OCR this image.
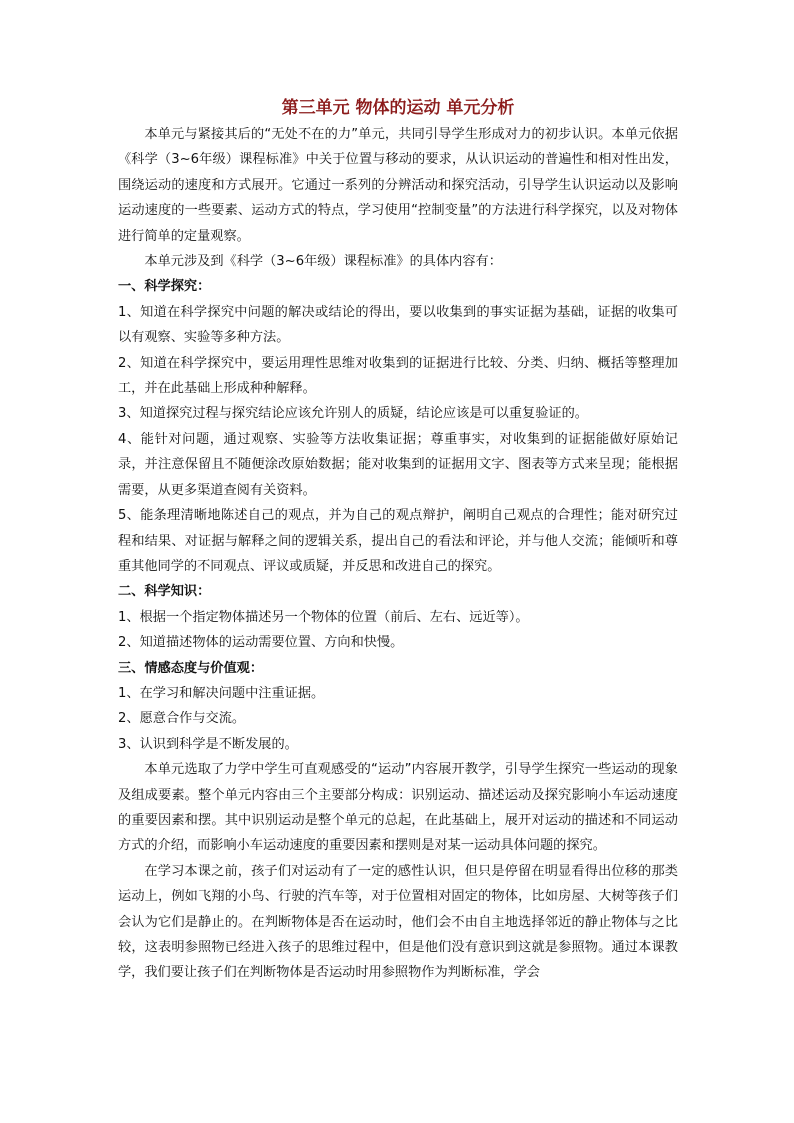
第三单元 物体的运动 单元分析

本单元与紧接其后的“无处不在的力”单元，共同引导学生形成对力的初步认识。本单元依据《科学（3~6年级）课程标准》中关于位置与移动的要求，从认识运动的普遍性和相对性出发，围绕运动的速度和方式展开。它通过一系列的分辨活动和探究活动，引导学生认识运动以及影响运动速度的一些要素、运动方式的特点，学习使用“控制变量”的方法进行科学探究，以及对物体进行简单的定量观察。

本单元涉及到《科学（3~6年级）课程标准》的具体内容有：

一、科学探究：

1、知道在科学探究中问题的解决或结论的得出，要以收集到的事实证据为基础，证据的收集可以有观察、实验等多种方法。

2、知道在科学探究中，要运用理性思维对收集到的证据进行比较、分类、归纳、概括等整理加工，并在此基础上形成种种解释。

3、知道探究过程与探究结论应该允许别人的质疑，结论应该是可以重复验证的。

4、能针对问题，通过观察、实验等方法收集证据；尊重事实，对收集到的证据能做好原始记录，并注意保留且不随便涂改原始数据；能对收集到的证据用文字、图表等方式来呈现；能根据需要，从更多渠道查阅有关资料。

5、能条理清晰地陈述自己的观点，并为自己的观点辩护，阐明自己观点的合理性；能对研究过程和结果、对证据与解释之间的逻辑关系，提出自己的看法和评论，并与他人交流；能倾听和尊重其他同学的不同观点、评议或质疑，并反思和改进自己的探究。

二、科学知识：

1、根据一个指定物体描述另一个物体的位置（前后、左右、远近等）。

2、知道描述物体的运动需要位置、方向和快慢。

三、情感态度与价值观：

1、在学习和解决问题中注重证据。

2、愿意合作与交流。

3、认识到科学是不断发展的。

本单元选取了力学中学生可直观感受的“运动”内容展开教学，引导学生探究一些运动的现象及组成要素。整个单元内容由三个主要部分构成：识别运动、描述运动及探究影响小车运动速度的重要因素和摆。其中识别运动是整个单元的总起，在此基础上，展开对运动的描述和不同运动方式的介绍，而影响小车运动速度的重要因素和摆则是对某一运动具体问题的探究。

在学习本课之前，孩子们对运动有了一定的感性认识，但只是停留在明显看得出位移的那类运动上，例如飞翔的小鸟、行驶的汽车等，对于位置相对固定的物体，比如房屋、大树等孩子们会认为它们是静止的。在判断物体是否在运动时，他们会不由自主地选择邻近的静止物体与之比较，这表明参照物已经进入孩子的思维过程中，但是他们没有意识到这就是参照物。通过本课教学，我们要让孩子们在判断物体是否运动时用参照物作为判断标准，学会
